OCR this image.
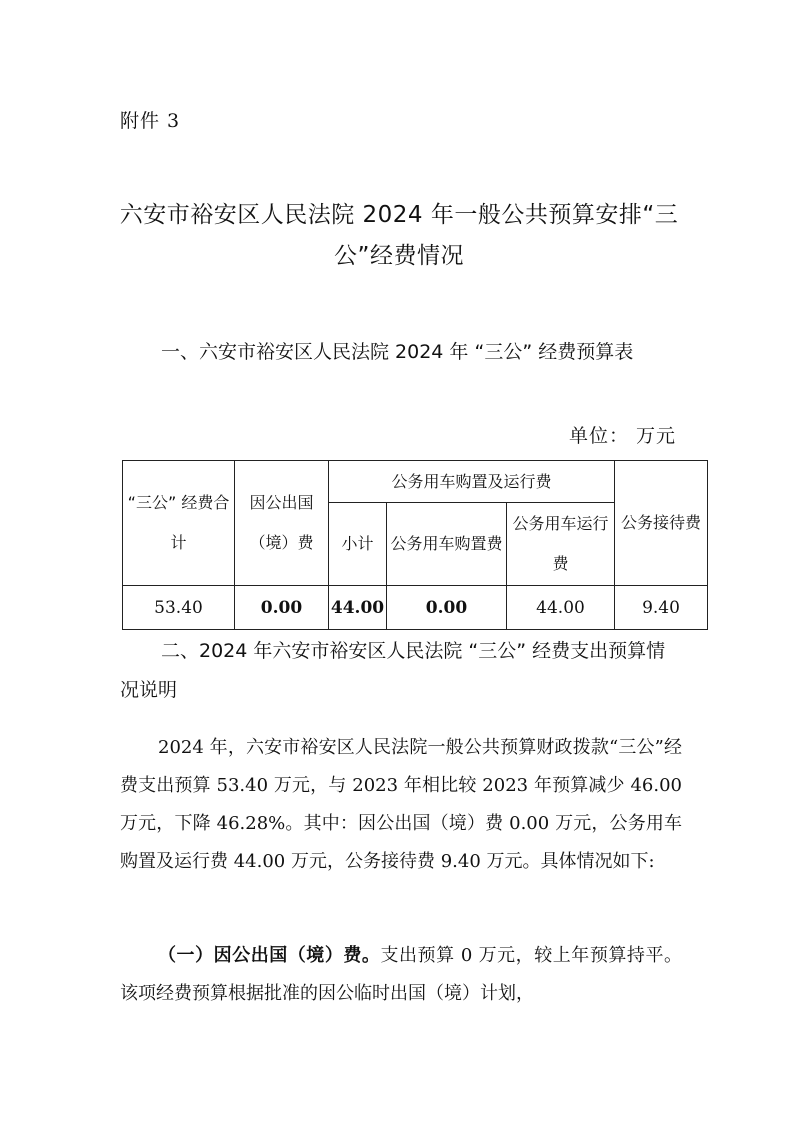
附件 3
六安市裕安区人民法院 2024 年一般公共预算安排“三
公”经费情况
一、六安市裕安区人民法院 2024 年 “三公” 经费预算表
单位： 万元
“三公” 经费合计	因公出国（境）费	公务用车购置及运行费			公务接待费
		小计	公务用车购置费	公务用车运行费	
53.40	0.00	44.00	0.00	44.00	9.40
二、2024 年六安市裕安区人民法院 “三公” 经费支出预算情况说明
2024 年，六安市裕安区人民法院一般公共预算财政拨款“三公”经费支出预算 53.40 万元，与 2023 年相比较 2023 年预算减少 46.00 万元，下降 46.28%。其中：因公出国（境）费 0.00 万元，公务用车购置及运行费 44.00 万元，公务接待费 9.40 万元。具体情况如下:
（一）因公出国（境）费。支出预算 0 万元，较上年预算持平。该项经费预算根据批准的因公临时出国（境）计划，
